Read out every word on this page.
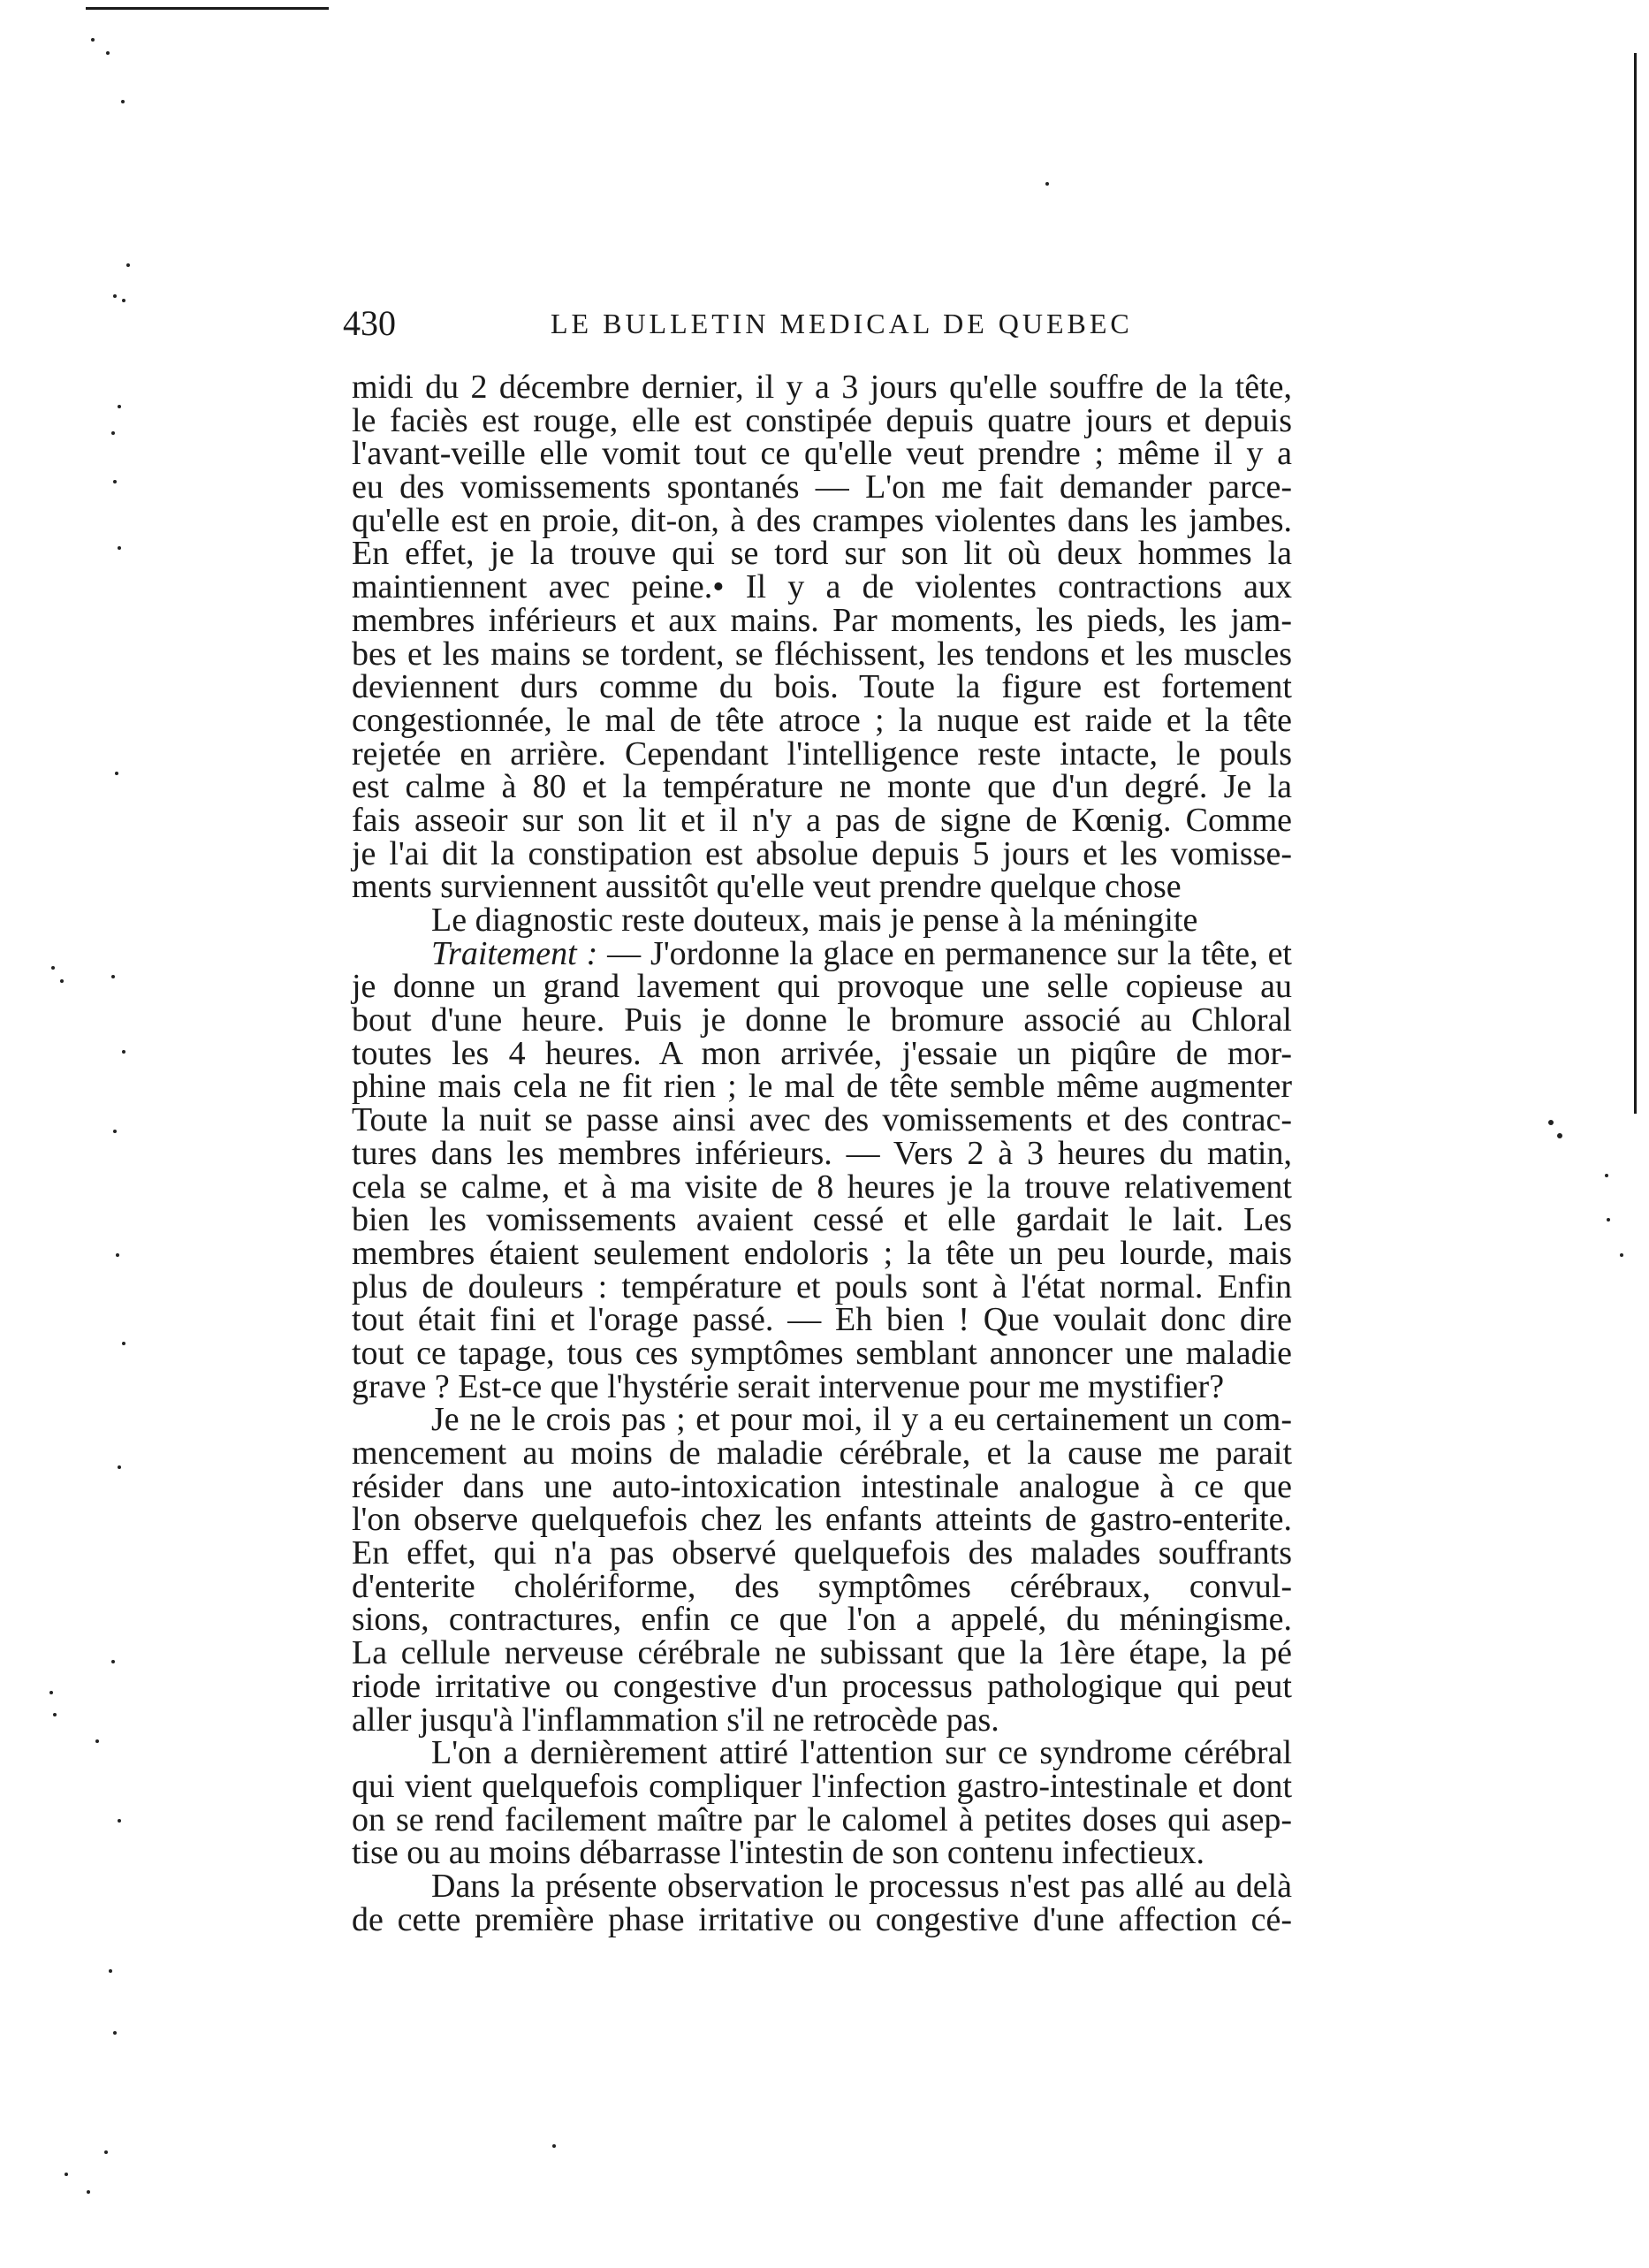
430	LE BULLETIN MEDICAL DE QUEBEC
midi du 2 décembre dernier, il y a 3 jours qu'elle souffre de la tête,
le faciès est rouge, elle est constipée depuis quatre jours et depuis
l'avant-veille elle vomit tout ce qu'elle veut prendre ; même il y a
eu des vomissements spontanés — L'on me fait demander parce-
qu'elle est en proie, dit-on, à des crampes violentes dans les jambes.
En effet, je la trouve qui se tord sur son lit où deux hommes la
maintiennent avec peine.• Il y a de violentes contractions aux
membres inférieurs et aux mains. Par moments, les pieds, les jam-
bes et les mains se tordent, se fléchissent, les tendons et les muscles
deviennent durs comme du bois. Toute la figure est fortement
congestionnée, le mal de tête atroce ; la nuque est raide et la tête
rejetée en arrière. Cependant l'intelligence reste intacte, le pouls
est calme à 80 et la température ne monte que d'un degré. Je la
fais asseoir sur son lit et il n'y a pas de signe de Kœnig. Comme
je l'ai dit la constipation est absolue depuis 5 jours et les vomisse-
ments surviennent aussitôt qu'elle veut prendre quelque chose
Le diagnostic reste douteux, mais je pense à la méningite
Traitement : — J'ordonne la glace en permanence sur la tête, et
je donne un grand lavement qui provoque une selle copieuse au
bout d'une heure. Puis je donne le bromure associé au Chloral
toutes les 4 heures. A mon arrivée, j'essaie un piqûre de mor-
phine mais cela ne fit rien ; le mal de tête semble même augmenter
Toute la nuit se passe ainsi avec des vomissements et des contrac-
tures dans les membres inférieurs. — Vers 2 à 3 heures du matin,
cela se calme, et à ma visite de 8 heures je la trouve relativement
bien les vomissements avaient cessé et elle gardait le lait. Les
membres étaient seulement endoloris ; la tête un peu lourde, mais
plus de douleurs : température et pouls sont à l'état normal. Enfin
tout était fini et l'orage passé. — Eh bien ! Que voulait donc dire
tout ce tapage, tous ces symptômes semblant annoncer une maladie
grave ? Est-ce que l'hystérie serait intervenue pour me mystifier?
Je ne le crois pas ; et pour moi, il y a eu certainement un com-
mencement au moins de maladie cérébrale, et la cause me parait
résider dans une auto-intoxication intestinale analogue à ce que
l'on observe quelquefois chez les enfants atteints de gastro-enterite.
En effet, qui n'a pas observé quelquefois des malades souffrants
d'enterite cholériforme, des symptômes cérébraux, convul-
sions, contractures, enfin ce que l'on a appelé, du méningisme.
La cellule nerveuse cérébrale ne subissant que la 1ère étape, la pé
riode irritative ou congestive d'un processus pathologique qui peut
aller jusqu'à l'inflammation s'il ne retrocède pas.
L'on a dernièrement attiré l'attention sur ce syndrome cérébral
qui vient quelquefois compliquer l'infection gastro-intestinale et dont
on se rend facilement maître par le calomel à petites doses qui asep-
tise ou au moins débarrasse l'intestin de son contenu infectieux.
Dans la présente observation le processus n'est pas allé au delà
de cette première phase irritative ou congestive d'une affection cé-
